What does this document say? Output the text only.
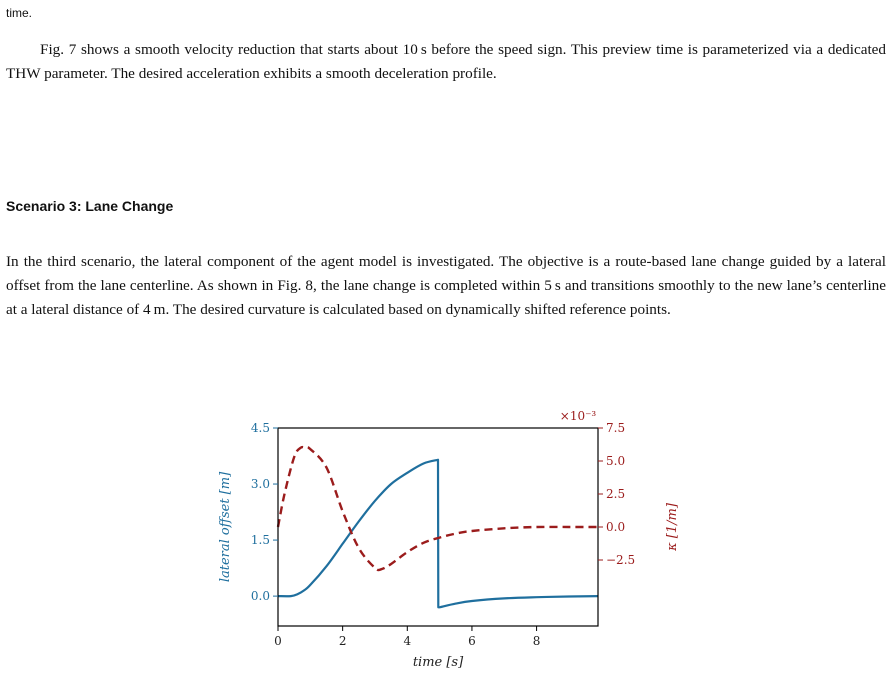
time.

Fig. 7 shows a smooth velocity reduction that starts about 10 s before the speed sign. This preview time is parameterized via a dedicated THW parameter. The desired acceleration exhibits a smooth deceleration profile.

Scenario 3: Lane Change

In the third scenario, the lateral component of the agent model is investigated. The objective is a route-based lane change guided by a lateral offset from the lane centerline. As shown in Fig. 8, the lane change is completed within 5 s and transitions smoothly to the new lane’s centerline at a lateral distance of 4 m. The desired curvature is calculated based on dynamically shifted reference points.

0	2	4	6	8
0.0
1.5
3.0
4.5
−2.5
0.0
2.5
5.0
7.5
time [s]
lateral offset [m]	κ [1/m]
×10⁻³
